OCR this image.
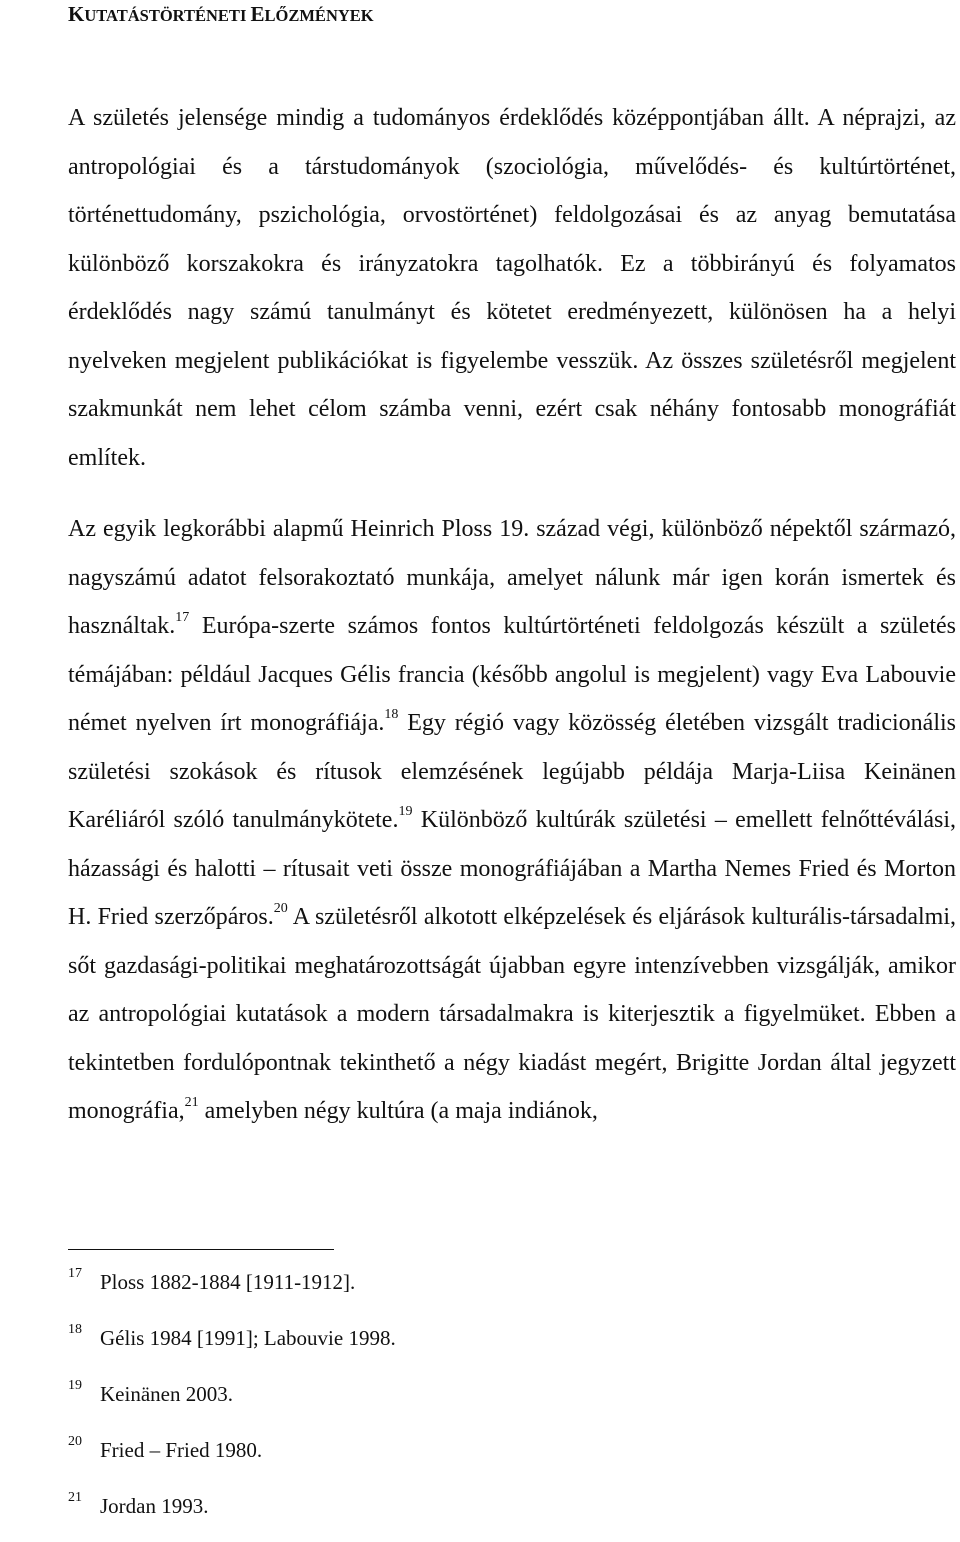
KUTATÁSTÖRTÉNETI ELŐZMÉNYEK

A születés jelensége mindig a tudományos érdeklődés középpontjában állt. A néprajzi, az antropológiai és a társtudományok (szociológia, művelődés- és kultúrtörténet, történettudomány, pszichológia, orvostörténet) feldolgozásai és az anyag bemutatása különböző korszakokra és irányzatokra tagolhatók. Ez a többirányú és folyamatos érdeklődés nagy számú tanulmányt és kötetet eredményezett, különösen ha a helyi nyelveken megjelent publikációkat is figyelembe vesszük. Az összes születésről megjelent szakmunkát nem lehet célom számba venni, ezért csak néhány fontosabb monográfiát említek.

Az egyik legkorábbi alapmű Heinrich Ploss 19. század végi, különböző népektől származó, nagyszámú adatot felsorakoztató munkája, amelyet nálunk már igen korán ismertek és használtak.$^{17}$ Európa-szerte számos fontos kultúrtörténeti feldolgozás készült a születés témájában: például Jacques Gélis francia (később angolul is megjelent) vagy Eva Labouvie német nyelven írt monográfiája.$^{18}$ Egy régió vagy közösség életében vizsgált tradicionális születési szokások és rítusok elemzésének legújabb példája Marja-Liisa Keinänen Karéliáról szóló tanulmánykötete.$^{19}$ Különböző kultúrák születési – emellett felnőttéválási, házassági és halotti – rítusait veti össze monográfiájában a Martha Nemes Fried és Morton H. Fried szerzőpáros.$^{20}$ A születésről alkotott elképzelések és eljárások kulturális-társadalmi, sőt gazdasági-politikai meghatározottságát újabban egyre intenzívebben vizsgálják, amikor az antropológiai kutatások a modern társadalmakra is kiterjesztik a figyelmüket. Ebben a tekintetben fordulópontnak tekinthető a négy kiadást megért, Brigitte Jordan által jegyzett monográfia,$^{21}$ amelyben négy kultúra (a maja indiánok,

17 Ploss 1882-1884 [1911-1912].
18 Gélis 1984 [1991]; Labouvie 1998.
19 Keinänen 2003.
20 Fried – Fried 1980.
21 Jordan 1993.
